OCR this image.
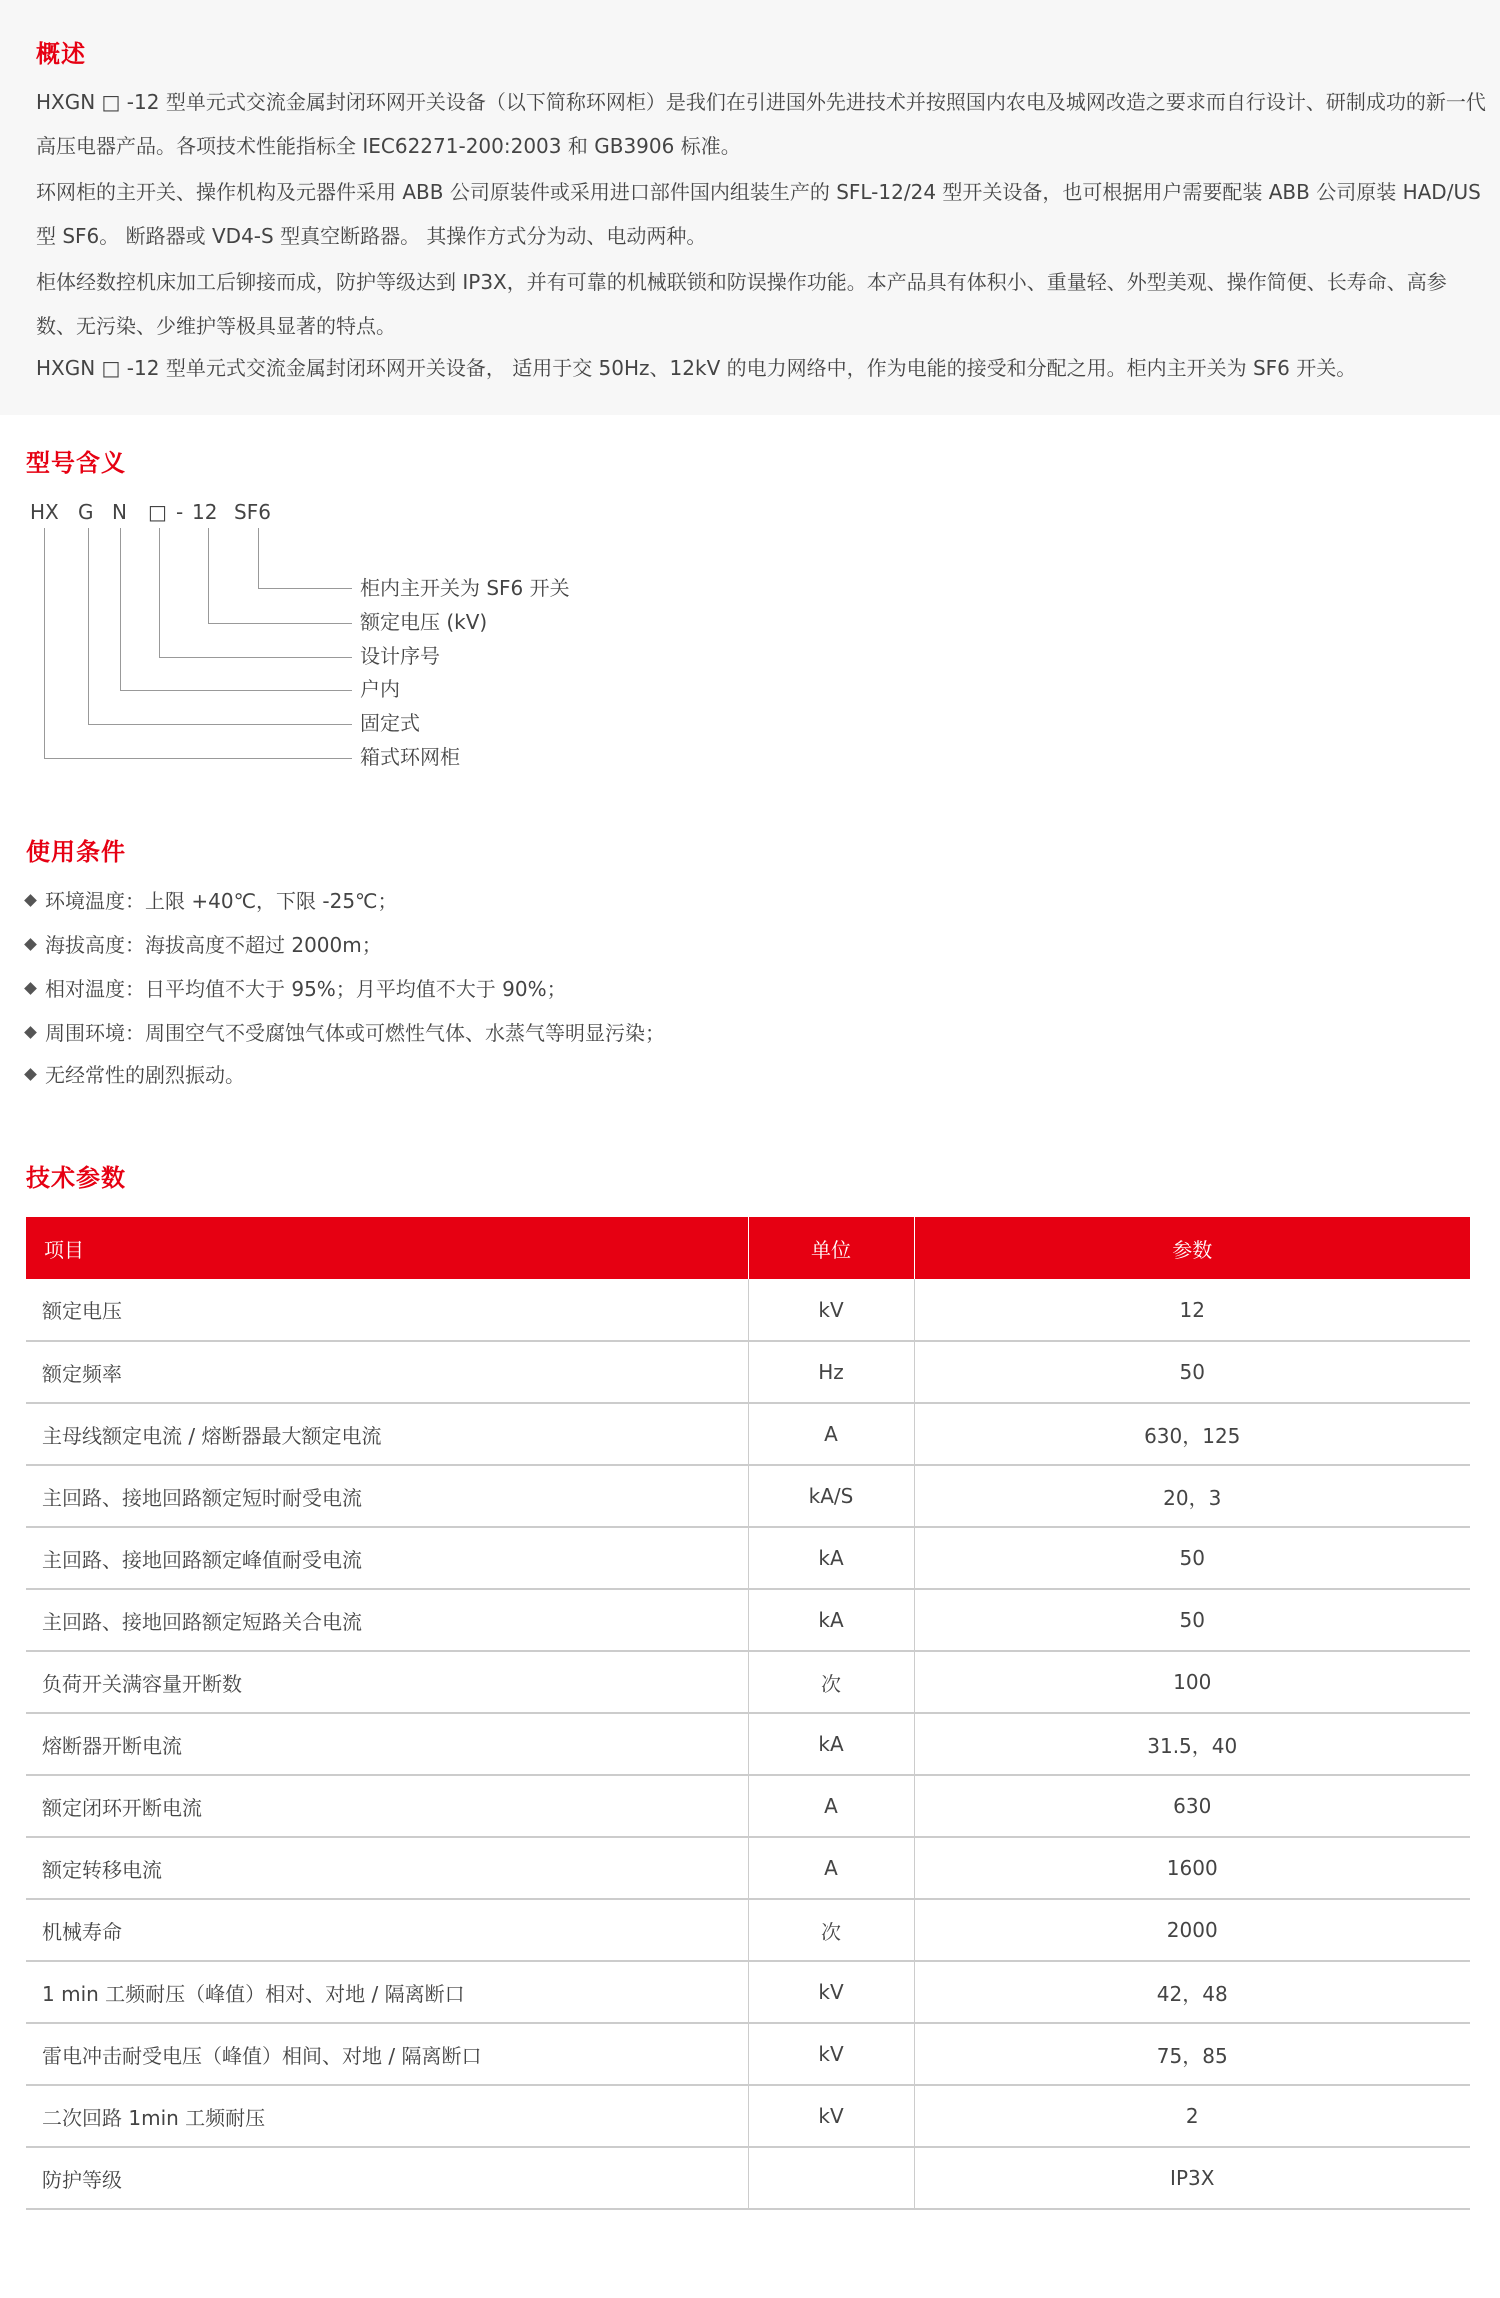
概述

HXGN □ -12 型单元式交流金属封闭环网开关设备（以下简称环网柜）是我们在引进国外先进技术并按照国内农电及城网改造之要求而自行设计、研制成功的新一代高压电器产品。各项技术性能指标全 IEC62271-200:2003 和 GB3906 标准。

环网柜的主开关、操作机构及元器件采用 ABB 公司原装件或采用进口部件国内组装生产的 SFL-12/24 型开关设备，也可根据用户需要配装 ABB 公司原装 HAD/US 型 SF6。 断路器或 VD4-S 型真空断路器。 其操作方式分为动、电动两种。

柜体经数控机床加工后铆接而成，防护等级达到 IP3X，并有可靠的机械联锁和防误操作功能。本产品具有体积小、重量轻、外型美观、操作简便、长寿命、高参数、无污染、少维护等极具显著的特点。

HXGN □ -12 型单元式交流金属封闭环网开关设备， 适用于交 50Hz、12kV 的电力网络中，作为电能的接受和分配之用。柜内主开关为 SF6 开关。

型号含义
HX G N □ - 12 SF6
柜内主开关为 SF6 开关
额定电压 (kV)
设计序号
户内
固定式
箱式环网柜
使用条件
环境温度：上限 +40℃，下限 -25℃；
海拔高度：海拔高度不超过 2000m；
相对温度：日平均值不大于 95%；月平均值不大于 90%；
周围环境：周围空气不受腐蚀气体或可燃性气体、水蒸气等明显污染；
无经常性的剧烈振动。
技术参数
项目	单位	参数
额定电压	kV	12
额定频率	Hz	50
主母线额定电流 / 熔断器最大额定电流	A	630，125
主回路、接地回路额定短时耐受电流	kA/S	20，3
主回路、接地回路额定峰值耐受电流	kA	50
主回路、接地回路额定短路关合电流	kA	50
负荷开关满容量开断数	次	100
熔断器开断电流	kA	31.5，40
额定闭环开断电流	A	630
额定转移电流	A	1600
机械寿命	次	2000
1 min 工频耐压（峰值）相对、对地 / 隔离断口	kV	42，48
雷电冲击耐受电压（峰值）相间、对地 / 隔离断口	kV	75，85
二次回路 1min 工频耐压	kV	2
防护等级		IP3X
